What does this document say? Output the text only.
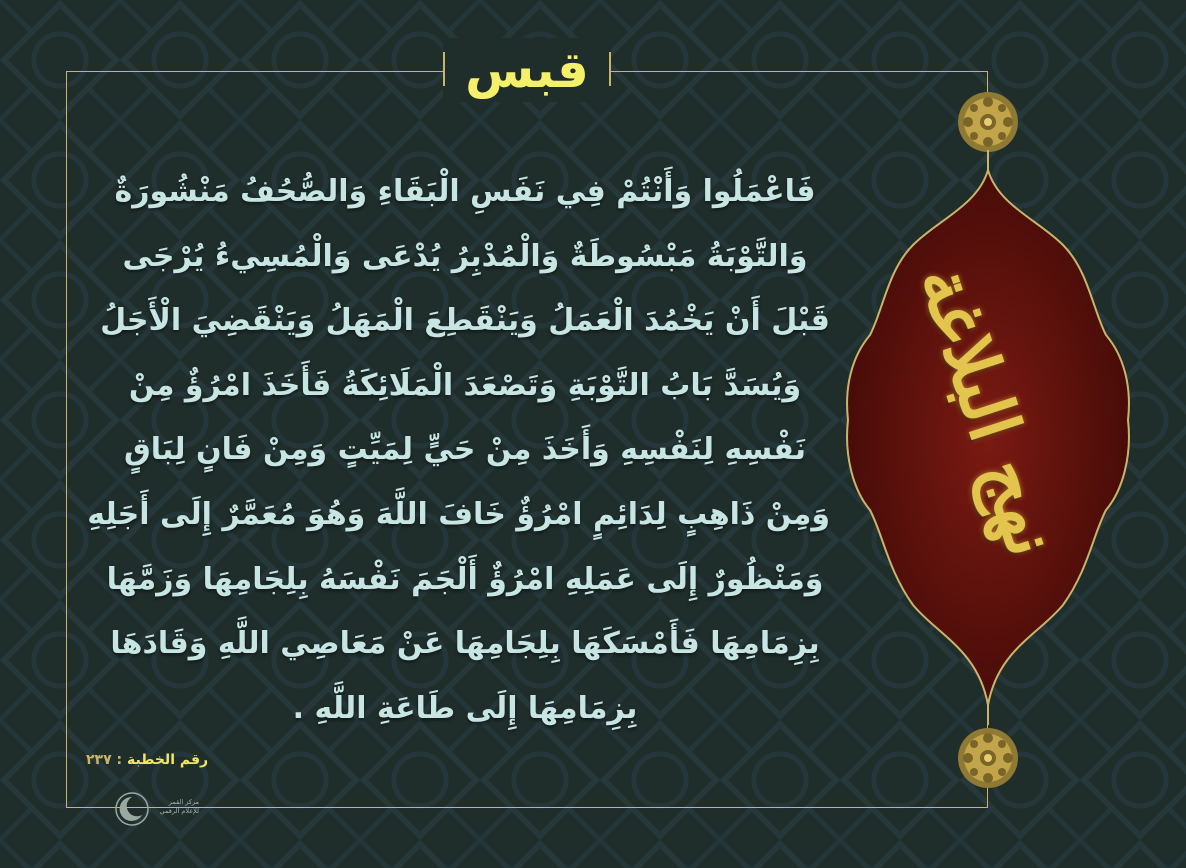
قبس
فَاعْمَلُوا وَأَنْتُمْ فِي نَفَسِ الْبَقَاءِ وَالصُّحُفُ مَنْشُورَةٌ
وَالتَّوْبَةُ مَبْسُوطَةٌ وَالْمُدْبِرُ يُدْعَى وَالْمُسِيءُ يُرْجَى
قَبْلَ أَنْ يَخْمُدَ الْعَمَلُ وَيَنْقَطِعَ الْمَهَلُ وَيَنْقَضِيَ الْأَجَلُ
وَيُسَدَّ بَابُ التَّوْبَةِ وَتَصْعَدَ الْمَلَائِكَةُ فَأَخَذَ امْرُؤٌ مِنْ
نَفْسِهِ لِنَفْسِهِ وَأَخَذَ مِنْ حَيٍّ لِمَيِّتٍ وَمِنْ فَانٍ لِبَاقٍ
وَمِنْ ذَاهِبٍ لِدَائِمٍ امْرُؤٌ خَافَ اللَّهَ وَهُوَ مُعَمَّرٌ إِلَى أَجَلِهِ
وَمَنْظُورٌ إِلَى عَمَلِهِ امْرُؤٌ أَلْجَمَ نَفْسَهُ بِلِجَامِهَا وَزَمَّهَا
بِزِمَامِهَا فَأَمْسَكَهَا بِلِجَامِهَا عَنْ مَعَاصِي اللَّهِ وَقَادَهَا
بِزِمَامِهَا إِلَى طَاعَةِ اللَّهِ .
رقم الخطبة : ٢٣٧
مركز القمر
للإعلام الرقمي
نهج البلاغة
